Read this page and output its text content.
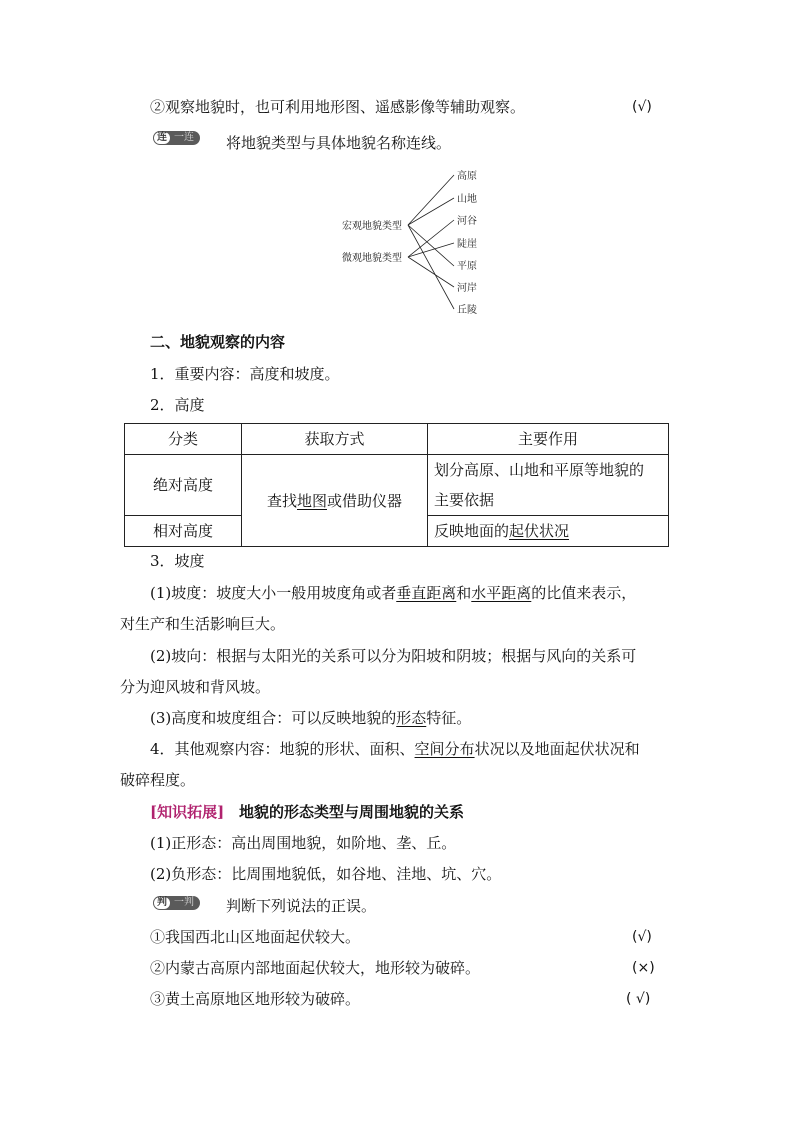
②观察地貌时，也可利用地形图、遥感影像等辅助观察。	(√)
连 一连	将地貌类型与具体地貌名称连线。
宏观地貌类型
微观地貌类型
高原
山地
河谷
陡崖
平原
河岸
丘陵
二、地貌观察的内容
1．重要内容：高度和坡度。
2．高度
分类	获取方式	主要作用
绝对高度	查找地图或借助仪器	划分高原、山地和平原等地貌的
主要依据

相对高度		反映地面的起伏状况
3．坡度
(1)坡度：坡度大小一般用坡度角或者垂直距离和水平距离的比值来表示，
对生产和生活影响巨大。
(2)坡向：根据与太阳光的关系可以分为阳坡和阴坡；根据与风向的关系可
分为迎风坡和背风坡。
(3)高度和坡度组合：可以反映地貌的形态特征。
4．其他观察内容：地貌的形状、面积、空间分布状况以及地面起伏状况和
破碎程度。
[知识拓展] 地貌的形态类型与周围地貌的关系
(1)正形态：高出周围地貌，如阶地、垄、丘。
(2)负形态：比周围地貌低，如谷地、洼地、坑、穴。
判 一判	判断下列说法的正误。
①我国西北山区地面起伏较大。	(√)
②内蒙古高原内部地面起伏较大，地形较为破碎。	(×)
③黄土高原地区地形较为破碎。	( √)
